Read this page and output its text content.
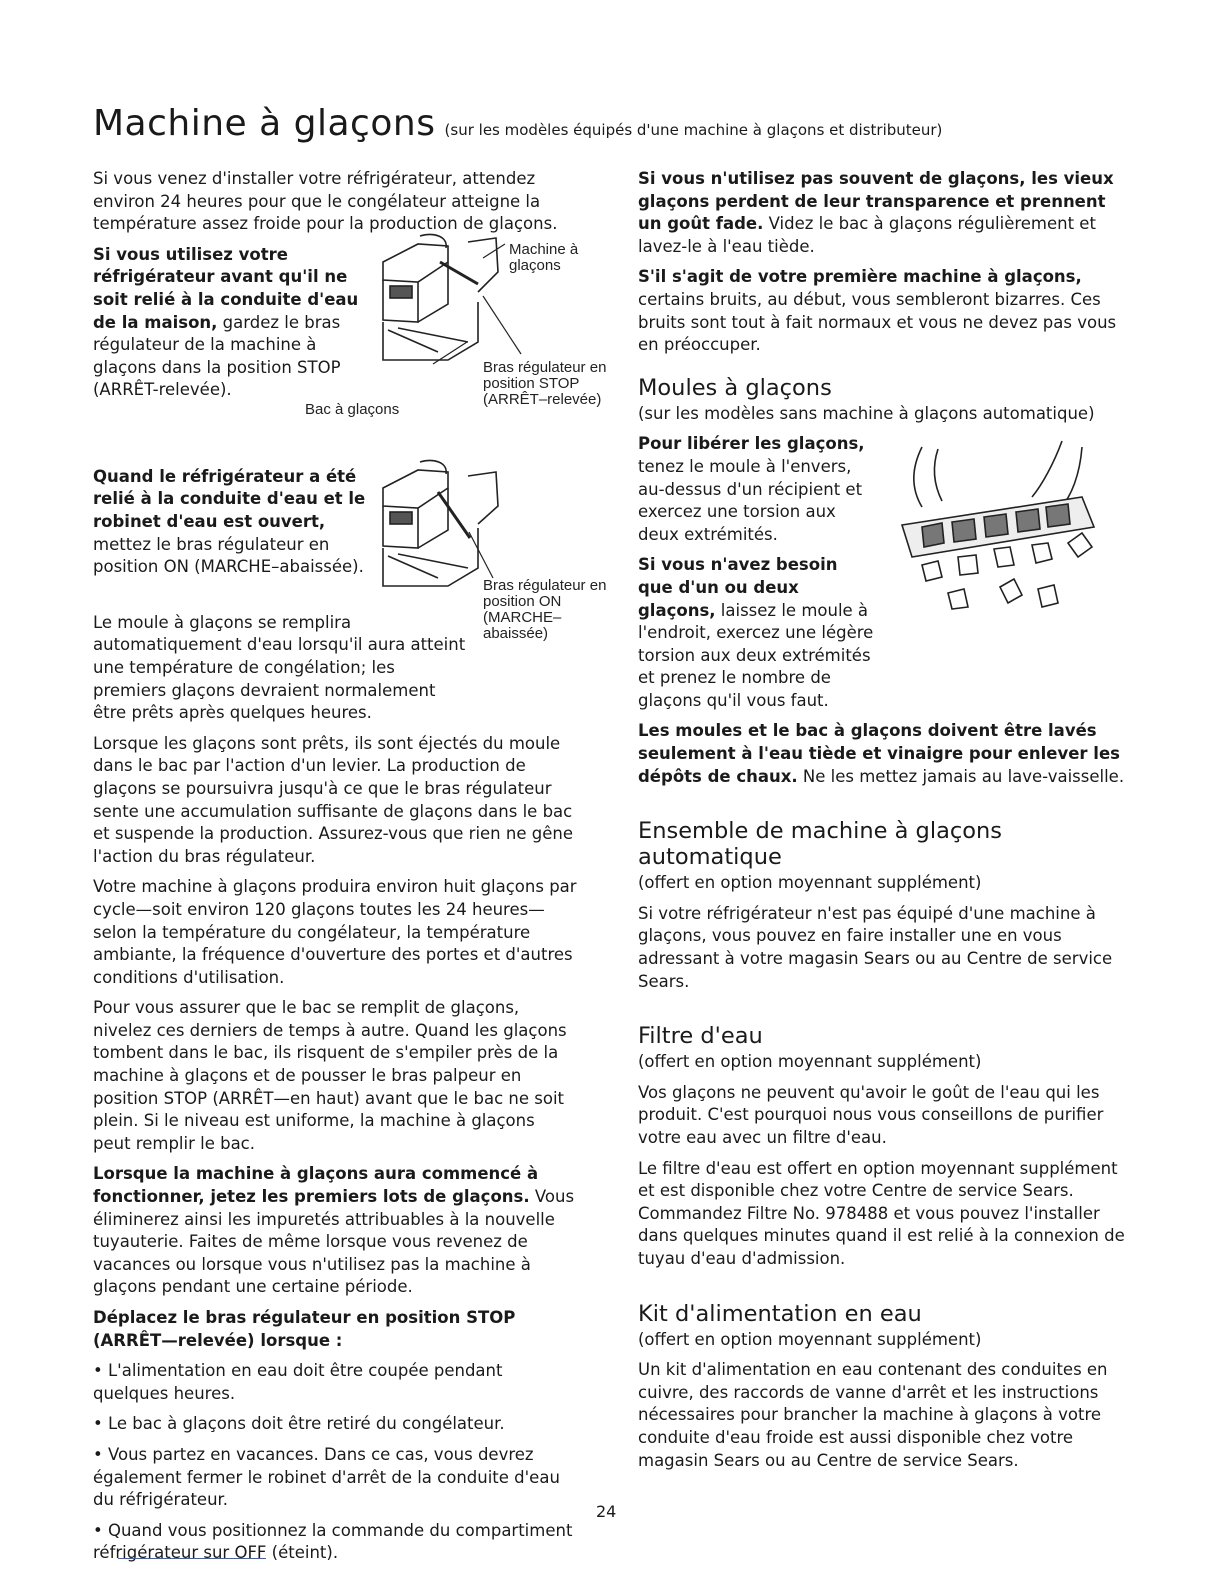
Machine à glaçons (sur les modèles équipés d'une machine à glaçons et distributeur)

Si vous venez d'installer votre réfrigérateur, attendez environ 24 heures pour que le congélateur atteigne la température assez froide pour la production de glaçons.

Si vous utilisez votre réfrigérateur avant qu'il ne soit relié à la conduite d'eau de la maison, gardez le bras régulateur de la machine à glaçons dans la position STOP (ARRÊT-relevée).

Machine à glaçons
Bras régulateur en position STOP (ARRÊT–relevée)
Bac à glaçons

Quand le réfrigérateur a été relié à la conduite d'eau et le robinet d'eau est ouvert, mettez le bras régulateur en position ON (MARCHE–abaissée).

Bras régulateur en position ON (MARCHE–abaissée)

Le moule à glaçons se remplira automatiquement d'eau lorsqu'il aura atteint une température de congélation; les premiers glaçons devraient normalement être prêts après quelques heures.

Lorsque les glaçons sont prêts, ils sont éjectés du moule dans le bac par l'action d'un levier. La production de glaçons se poursuivra jusqu'à ce que le bras régulateur sente une accumulation suffisante de glaçons dans le bac et suspende la production. Assurez-vous que rien ne gêne l'action du bras régulateur.

Votre machine à glaçons produira environ huit glaçons par cycle—soit environ 120 glaçons toutes les 24 heures—selon la température du congélateur, la température ambiante, la fréquence d'ouverture des portes et d'autres conditions d'utilisation.

Pour vous assurer que le bac se remplit de glaçons, nivelez ces derniers de temps à autre. Quand les glaçons tombent dans le bac, ils risquent de s'empiler près de la machine à glaçons et de pousser le bras palpeur en position STOP (ARRÊT—en haut) avant que le bac ne soit plein. Si le niveau est uniforme, la machine à glaçons peut remplir le bac.

Lorsque la machine à glaçons aura commencé à fonctionner, jetez les premiers lots de glaçons. Vous éliminerez ainsi les impuretés attribuables à la nouvelle tuyauterie. Faites de même lorsque vous revenez de vacances ou lorsque vous n'utilisez pas la machine à glaçons pendant une certaine période.

Déplacez le bras régulateur en position STOP (ARRÊT—relevée) lorsque :

• L'alimentation en eau doit être coupée pendant quelques heures.

• Le bac à glaçons doit être retiré du congélateur.

• Vous partez en vacances. Dans ce cas, vous devrez également fermer le robinet d'arrêt de la conduite d'eau du réfrigérateur.

• Quand vous positionnez la commande du compartiment réfrigérateur sur OFF (éteint).

Si vous n'utilisez pas souvent de glaçons, les vieux glaçons perdent de leur transparence et prennent un goût fade. Videz le bac à glaçons régulièrement et lavez-le à l'eau tiède.

S'il s'agit de votre première machine à glaçons, certains bruits, au début, vous sembleront bizarres. Ces bruits sont tout à fait normaux et vous ne devez pas vous en préoccuper.

Moules à glaçons

(sur les modèles sans machine à glaçons automatique)

Pour libérer les glaçons, tenez le moule à l'envers, au-dessus d'un récipient et exercez une torsion aux deux extrémités.

Si vous n'avez besoin que d'un ou deux glaçons, laissez le moule à l'endroit, exercez une légère torsion aux deux extrémités et prenez le nombre de glaçons qu'il vous faut.

Les moules et le bac à glaçons doivent être lavés seulement à l'eau tiède et vinaigre pour enlever les dépôts de chaux. Ne les mettez jamais au lave-vaisselle.

Ensemble de machine à glaçons automatique

(offert en option moyennant supplément)

Si votre réfrigérateur n'est pas équipé d'une machine à glaçons, vous pouvez en faire installer une en vous adressant à votre magasin Sears ou au Centre de service Sears.

Filtre d'eau

(offert en option moyennant supplément)

Vos glaçons ne peuvent qu'avoir le goût de l'eau qui les produit. C'est pourquoi nous vous conseillons de purifier votre eau avec un filtre d'eau.

Le filtre d'eau est offert en option moyennant supplément et est disponible chez votre Centre de service Sears. Commandez Filtre No. 978488 et vous pouvez l'installer dans quelques minutes quand il est relié à la connexion de tuyau d'eau d'admission.

Kit d'alimentation en eau

(offert en option moyennant supplément)

Un kit d'alimentation en eau contenant des conduites en cuivre, des raccords de vanne d'arrêt et les instructions nécessaires pour brancher la machine à glaçons à votre conduite d'eau froide est aussi disponible chez votre magasin Sears ou au Centre de service Sears.

24
